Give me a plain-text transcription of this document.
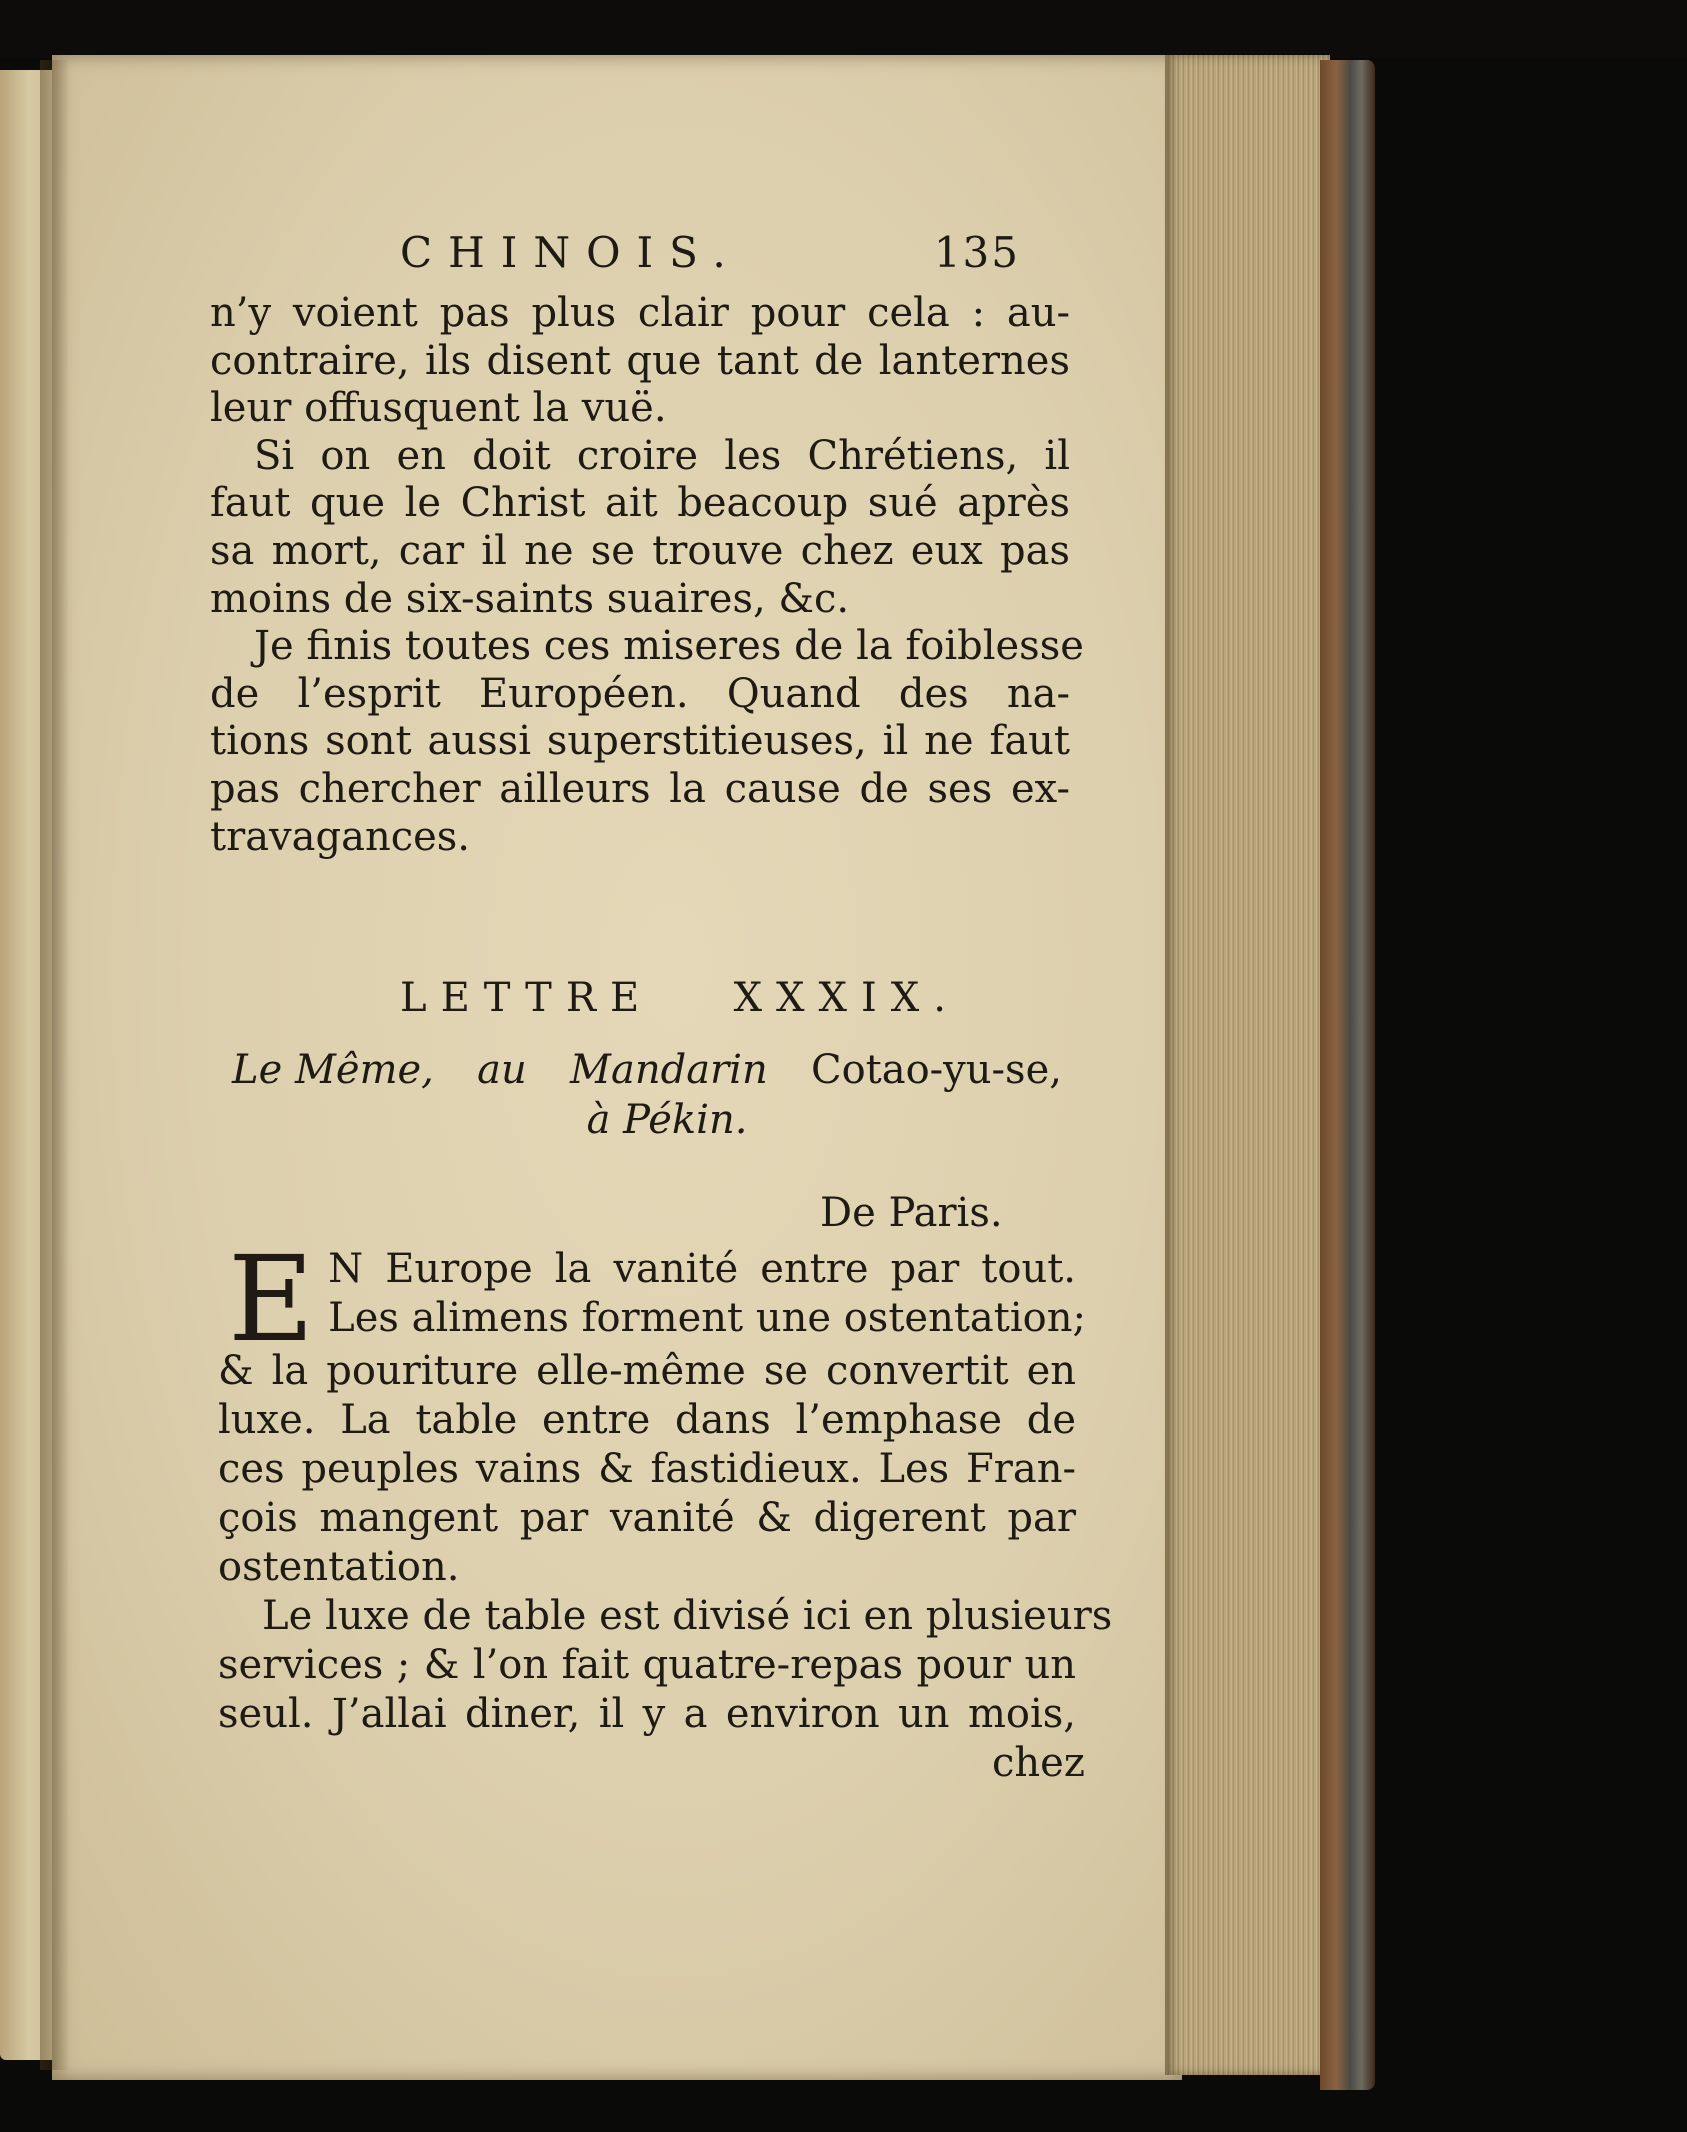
CHINOIS.	135
n’y voient pas plus clair pour cela : au-
contraire, ils disent que tant de lanternes
leur offusquent la vuë.
Si on en doit croire les Chrétiens, il
faut que le Christ ait beacoup sué après
sa mort, car il ne se trouve chez eux pas
moins de six-saints suaires, &c.
Je finis toutes ces miseres de la foiblesse
de l’esprit Européen. Quand des na-
tions sont aussi superstitieuses, il ne faut
pas chercher ailleurs la cause de ses ex-
travagances.
LETTRE XXXIX.
Le Même, au Mandarin Cotao-yu-se,
à Pékin.
De Paris.
E N Europe la vanité entre par tout.
Les alimens forment une ostentation;
& la pouriture elle-même se convertit en
luxe. La table entre dans l’emphase de
ces peuples vains & fastidieux. Les Fran-
çois mangent par vanité & digerent par
ostentation.
Le luxe de table est divisé ici en plusieurs
services ; & l’on fait quatre-repas pour un
seul. J’allai diner, il y a environ un mois,
chez
